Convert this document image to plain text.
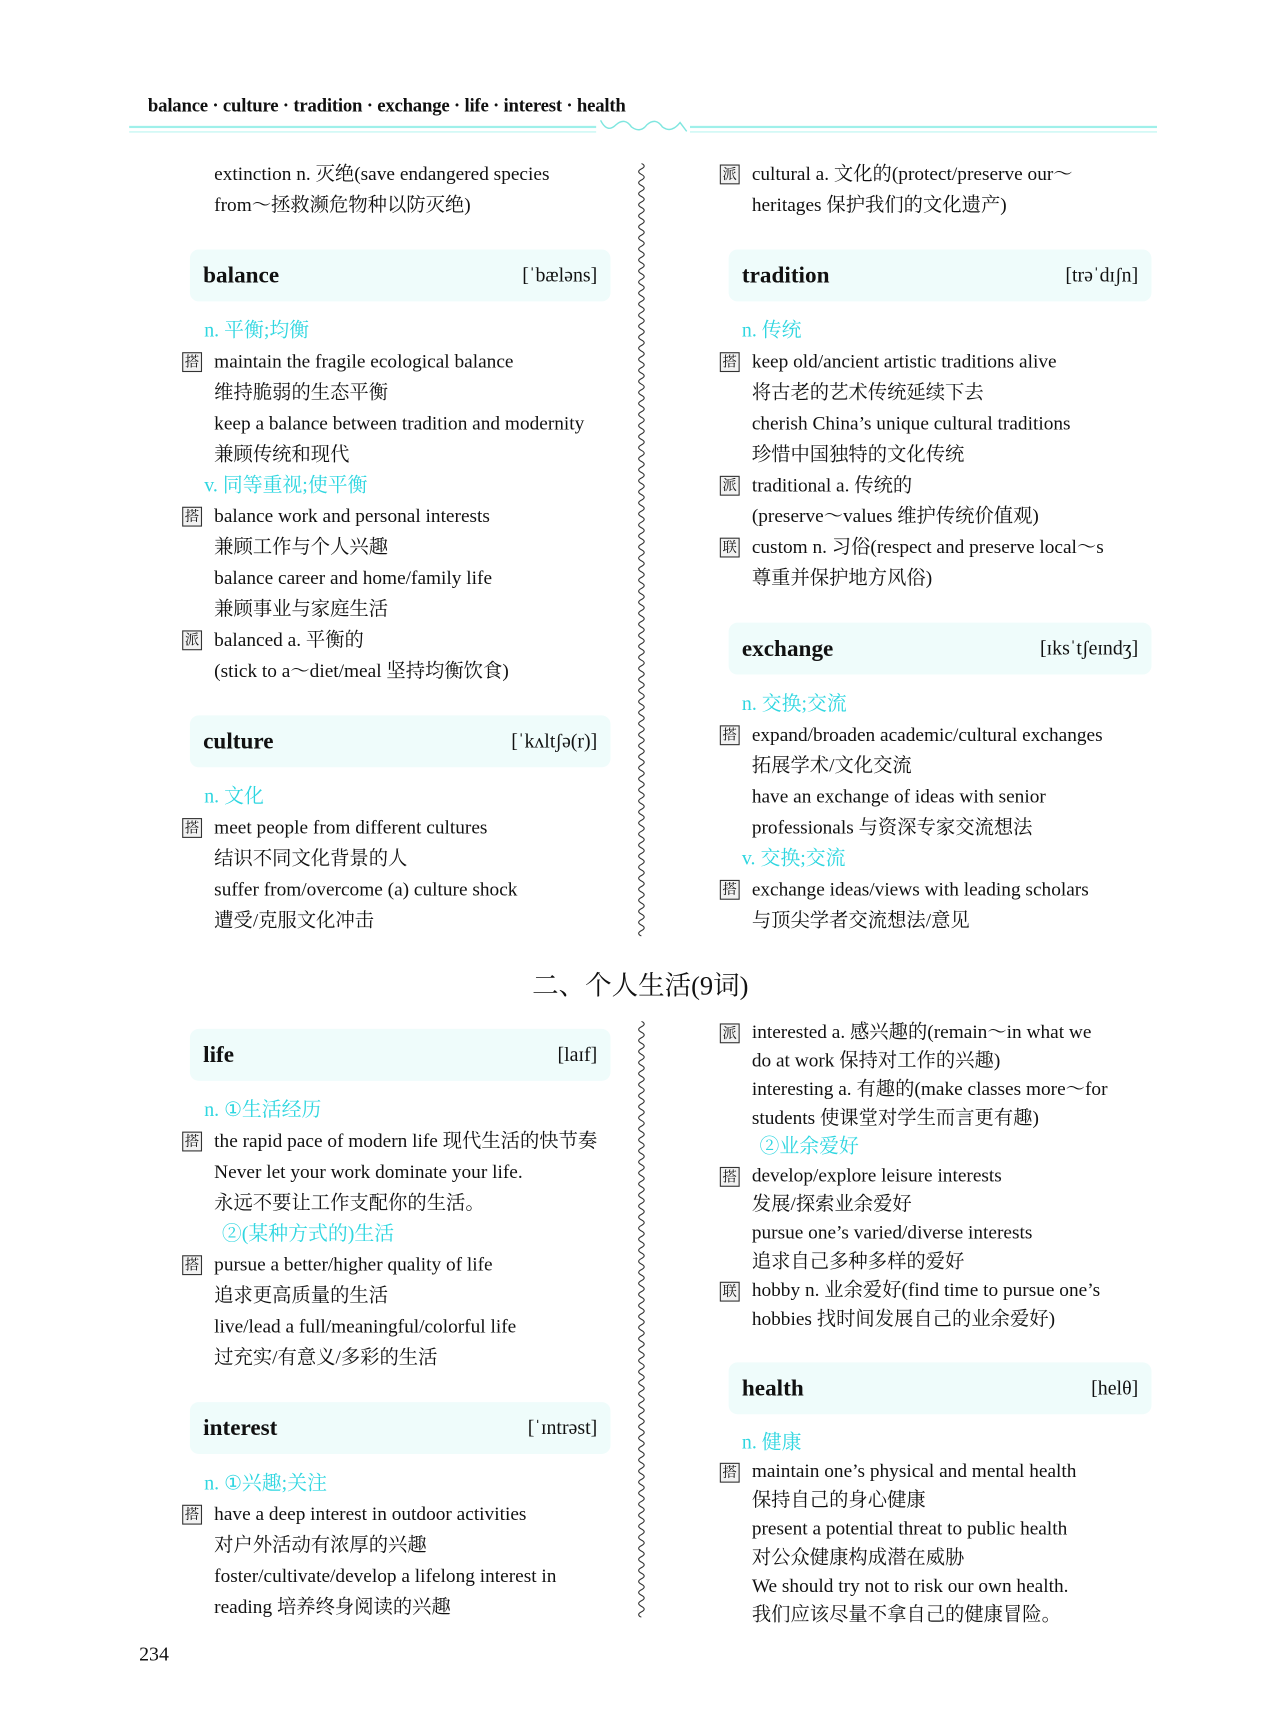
balance · culture · tradition · exchange · life · interest · health
extinction n. 灭绝(save endangered species
from～拯救濒危物种以防灭绝)
balance	[ˈbæləns]
n. 平衡;均衡
搭 maintain the fragile ecological balance
维持脆弱的生态平衡
keep a balance between tradition and modernity
兼顾传统和现代
v. 同等重视;使平衡
搭 balance work and personal interests
兼顾工作与个人兴趣
balance career and home/family life
兼顾事业与家庭生活
派 balanced a. 平衡的
(stick to a～diet/meal 坚持均衡饮食)
culture	[ˈkʌltʃə(r)]
n. 文化
搭 meet people from different cultures
结识不同文化背景的人
suffer from/overcome (a) culture shock
遭受/克服文化冲击
派 cultural a. 文化的(protect/preserve our～
heritages 保护我们的文化遗产)
tradition	[trəˈdɪʃn]
n. 传统
搭 keep old/ancient artistic traditions alive
将古老的艺术传统延续下去
cherish China’s unique cultural traditions
珍惜中国独特的文化传统
派 traditional a. 传统的
(preserve～values 维护传统价值观)
联 custom n. 习俗(respect and preserve local～s
尊重并保护地方风俗)
exchange	[ɪksˈtʃeɪndʒ]
n. 交换;交流
搭 expand/broaden academic/cultural exchanges
拓展学术/文化交流
have an exchange of ideas with senior
professionals 与资深专家交流想法
v. 交换;交流
搭 exchange ideas/views with leading scholars
与顶尖学者交流想法/意见
life	[laɪf]
n. ①生活经历
搭 the rapid pace of modern life 现代生活的快节奏
Never let your work dominate your life.
永远不要让工作支配你的生活。
②(某种方式的)生活
搭 pursue a better/higher quality of life
追求更高质量的生活
live/lead a full/meaningful/colorful life
过充实/有意义/多彩的生活
interest	[ˈɪntrəst]
n. ①兴趣;关注
搭 have a deep interest in outdoor activities
对户外活动有浓厚的兴趣
foster/cultivate/develop a lifelong interest in
reading 培养终身阅读的兴趣
派 interested a. 感兴趣的(remain～in what we
do at work 保持对工作的兴趣)
interesting a. 有趣的(make classes more～for
students 使课堂对学生而言更有趣)
②业余爱好
搭 develop/explore leisure interests
发展/探索业余爱好
pursue one’s varied/diverse interests
追求自己多种多样的爱好
联 hobby n. 业余爱好(find time to pursue one’s
hobbies 找时间发展自己的业余爱好)
health	[helθ]
n. 健康
搭 maintain one’s physical and mental health
保持自己的身心健康
present a potential threat to public health
对公众健康构成潜在威胁
We should try not to risk our own health.
我们应该尽量不拿自己的健康冒险。
二、个人生活(9词)
234
